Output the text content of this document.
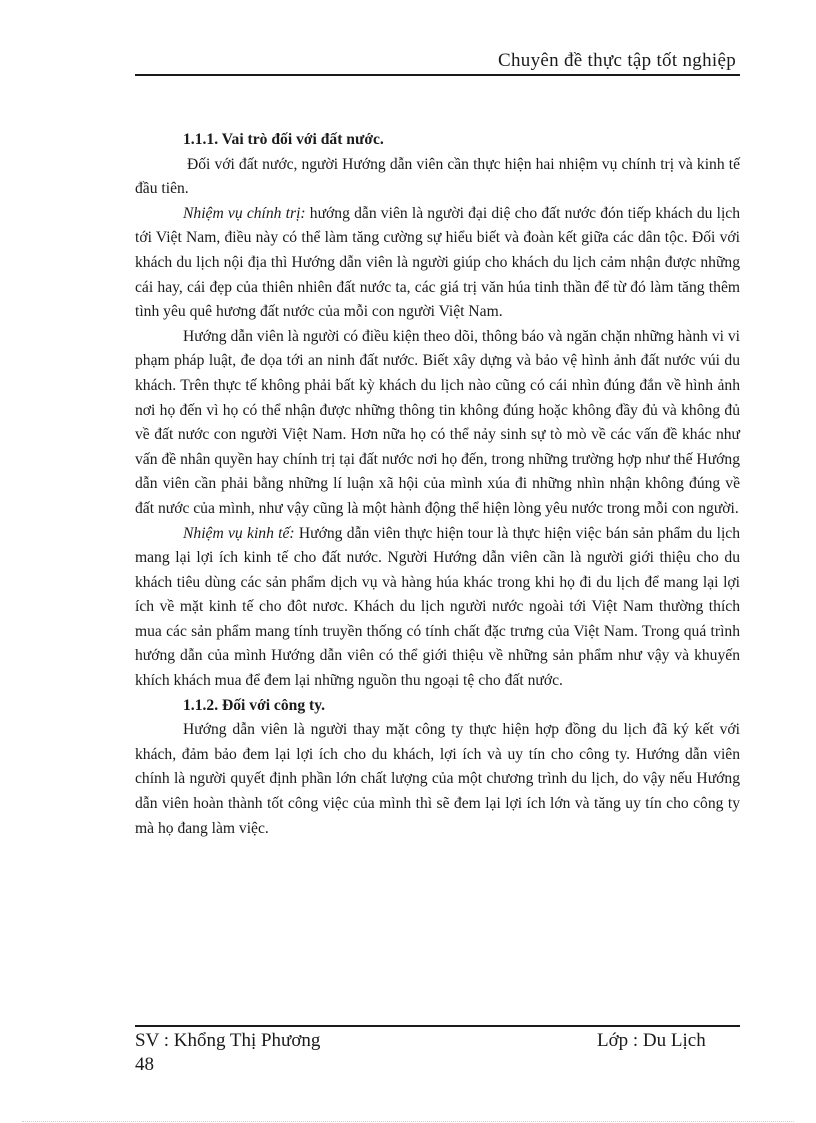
Chuyên đề thực tập tốt nghiệp

1.1.1. Vai trò đối với đất nước.

Đối với đất nước, người Hướng dẫn viên cần thực hiện hai nhiệm vụ chính trị và kinh tế đầu tiên.

Nhiệm vụ chính trị: hướng dẫn viên là người đại diệ cho đất nước đón tiếp khách du lịch tới Việt Nam, điều này có thể làm tăng cường sự hiểu biết và đoàn kết giữa các dân tộc. Đối với khách du lịch nội địa thì Hướng dẫn viên là người giúp cho khách du lịch cảm nhận được những cái hay, cái đẹp của thiên nhiên đất nước ta, các giá trị văn húa tinh thần để từ đó làm tăng thêm tình yêu quê hương đất nước của mỗi con người Việt Nam.

Hướng dẫn viên là người có điều kiện theo dõi, thông báo và ngăn chặn những hành vi vi phạm pháp luật, đe dọa tới an ninh đất nước. Biết xây dựng và bảo vệ hình ảnh đất nước vúi du khách. Trên thực tế không phải bất kỳ khách du lịch nào cũng có cái nhìn đúng đắn về hình ảnh nơi họ đến vì họ có thể nhận được những thông tin không đúng hoặc không đầy đủ và không đủ về đất nước con người Việt Nam. Hơn nữa họ có thể nảy sinh sự tò mò về các vấn đề khác như vấn đề nhân quyền hay chính trị tại đất nước nơi họ đến, trong những trường hợp như thế Hướng dẫn viên cần phải bằng những lí luận xã hội của mình xúa đi những nhìn nhận không đúng về đất nước của mình, như vậy cũng là một hành động thể hiện lòng yêu nước trong mỗi con người.

Nhiệm vụ kinh tế: Hướng dẫn viên thực hiện tour là thực hiện việc bán sản phẩm du lịch mang lại lợi ích kinh tế cho đất nước. Người Hướng dẫn viên cần là người giới thiệu cho du khách tiêu dùng các sản phẩm dịch vụ và hàng húa khác trong khi họ đi du lịch để mang lại lợi ích về mặt kinh tế cho đôt nươc. Khách du lịch người nước ngoài tới Việt Nam thường thích mua các sản phẩm mang tính truyền thống có tính chất đặc trưng của Việt Nam. Trong quá trình hướng dẫn của mình Hướng dẫn viên có thể giới thiệu về những sản phẩm như vậy và khuyến khích khách mua để đem lại những nguồn thu ngoại tệ cho đất nước.

1.1.2. Đối với công ty.

Hướng dẫn viên là người thay mặt công ty thực hiện hợp đồng du lịch đã ký kết với khách, đảm bảo đem lại lợi ích cho du khách, lợi ích và uy tín cho công ty. Hướng dẫn viên chính là người quyết định phần lớn chất lượng của một chương trình du lịch, do vậy nếu Hướng dẫn viên hoàn thành tốt công việc của mình thì sẽ đem lại lợi ích lớn và tăng uy tín cho công ty mà họ đang làm việc.

SV : Khổng Thị Phương	Lớp : Du Lịch
48
